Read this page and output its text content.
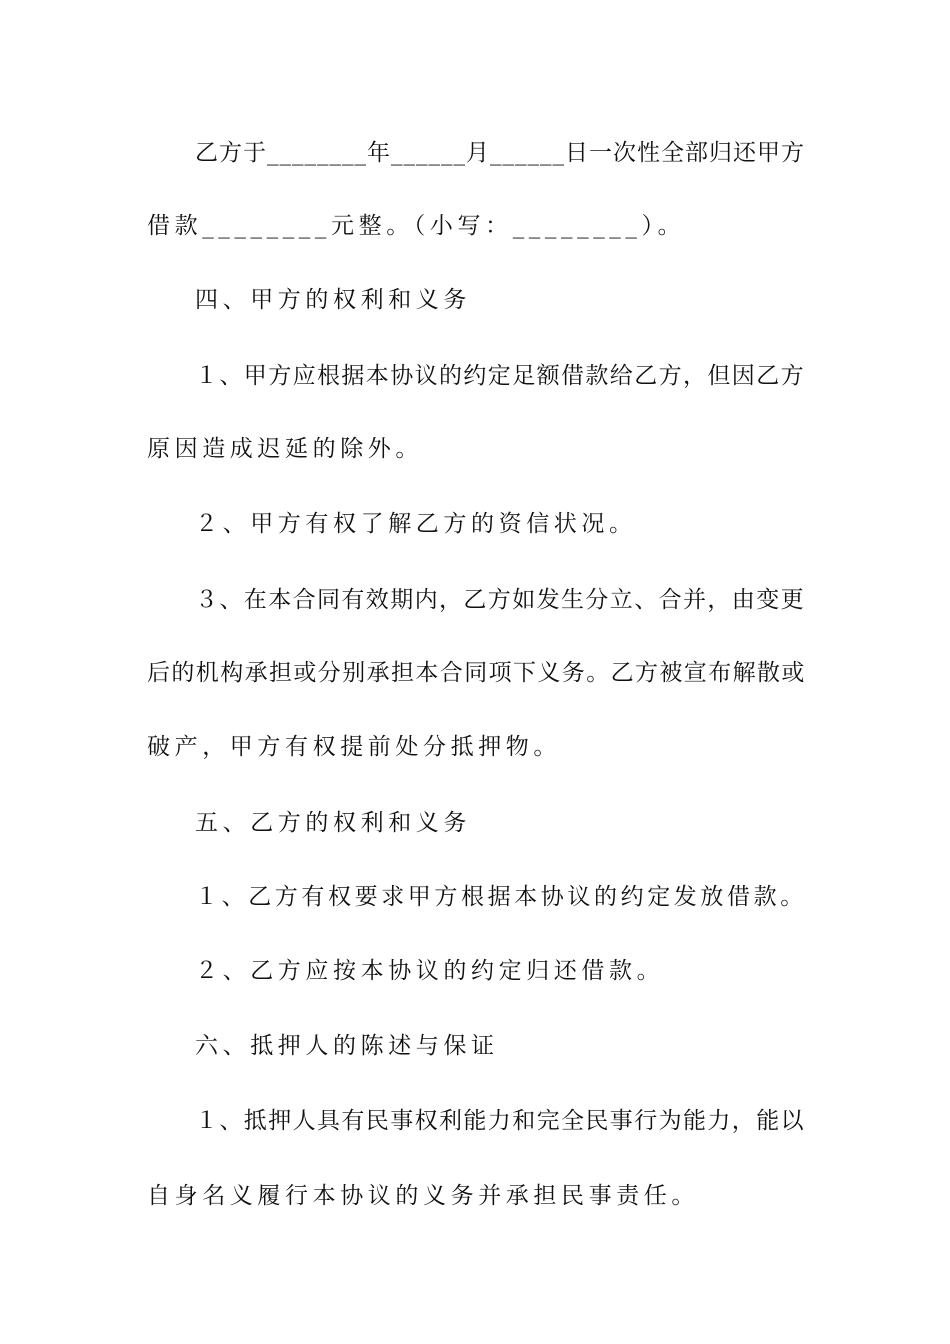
乙方于________年______月______日一次性全部归还甲方
借款________元整。（小写：________）。
四、甲方的权利和义务
１、甲方应根据本协议的约定足额借款给乙方，但因乙方
原因造成迟延的除外。
２、甲方有权了解乙方的资信状况。
３、在本合同有效期内，乙方如发生分立、合并，由变更
后的机构承担或分别承担本合同项下义务。乙方被宣布解散或
破产，甲方有权提前处分抵押物。
五、乙方的权利和义务
１、乙方有权要求甲方根据本协议的约定发放借款。
２、乙方应按本协议的约定归还借款。
六、抵押人的陈述与保证
１、抵押人具有民事权利能力和完全民事行为能力，能以
自身名义履行本协议的义务并承担民事责任。
